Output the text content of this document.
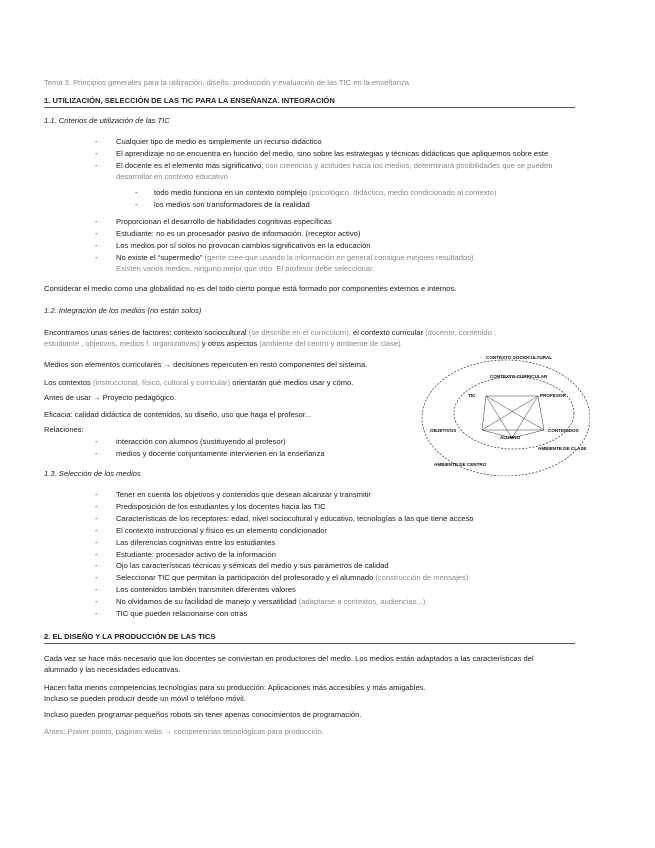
Tema 3. Principios generales para la utilización, diseño, producción y evaluación de las TIC en la enseñanza.
1. UTILIZACIÓN, SELECCIÓN DE LAS TIC PARA LA ENSEÑANZA. INTEGRACIÓN
1.1. Criterios de utilización de las TIC
- Cualquier tipo de medio es simplemente un recurso didáctico
- El aprendizaje no se encuentra en función del medio, sino sobre las estrategias y técnicas didácticas que apliquemos sobre este
- El docente es el elemento más significativo, con creencias y actitudes hacia los medios, determinará posibilidades que se pueden
desarrollar en contexto educativo
- todo medio funciona en un contexto complejo (psicológico, didáctico, medio condicionado al contexto)
- los medios son transformadores de la realidad
- Proporcionan el desarrollo de habilidades cognitivas específicas
- Estudiante: no es un procesador pasivo de información. (receptor activo)
- Los medios por sí solos no provocan cambios significativos en la educación
- No existe el “supermedio” (gente cree que usando la información en general consigue mejores resultados).
Existen varios medios, ninguno mejor que otro. El profesor debe seleccionar.
Considerar el medio como una globalidad no es del todo cierto porque está formado por componentes externos e internos.
1.2. Integración de los medios (no están solos)
Encontramos unas series de factores: contexto sociocultural (se describe en el currículum), el contexto curricular (docente, contenido ,
estudiante , objetivos, medios f. organizativas) y otros aspectos (ambiente del centro y ambiente de clase).
Medios son elementos curriculares → decisiones repercuten en resto componentes del sistema.
Los contextos (instruccional, físico, cultural y curricular) orientarán qué medios usar y cómo.
Antes de usar → Proyecto pedagógico.
Eficacia: calidad didáctica de contenidos, su diseño, uso que haga el profesor...
Relaciones:
- interacción con alumnos (sustituyendo al profesor)
- medios y docente conjuntamente intervienen en la enseñanza
1.3. Selección de los medios
- Tener en cuenta los objetivos y contenidos que desean alcanzar y transmitir
- Predisposición de los estudiantes y los docentes hacia las TIC
- Características de los receptores: edad, nivel sociocultural y educativo, tecnologías a las que tiene acceso
- El contexto instruccional y físico es un elemento condicionador
- Las diferencias cognitivas entre los estudiantes
- Estudiante: procesador activo de la información
- Ojo las características técnicas y sémicas del medio y sus parámetros de calidad
- Seleccionar TIC que permitan la participación del profesorado y el alumnado (construcción de mensajes)
- Los contenidos también transmiten diferentes valores
- No olvidamos de su facilidad de manejo y versatilidad (adaptarse a contextos, audiencias...)
- TIC que pueden relacionarse con otras
2. EL DISEÑO Y LA PRODUCCIÓN DE LAS TICS
Cada vez se hace más necesario que los docentes se conviertan en productores del medio. Los medios están adaptados a las características del
alumnado y las necesidades educativas.
Hacen falta menos competencias tecnologías para su producción: Aplicaciones más accesibles y más amigables.
Incluso se pueden producir desde un móvil o teléfono móvil.
Incluso pueden programar pequeños robots sin tener apenas conocimientos de programación.
Antes: Power points, páginas webs → competencias tecnológicas para producción.
CONTEXTO SOCIOCULTURAL
CONTEXTO CURRICULAR
TIC	PROFESOR
OBJETIVOS	CONTENIDOS
ALUMNO
AMBIENTE DE CLASE
AMBIENTE DE CENTRO
